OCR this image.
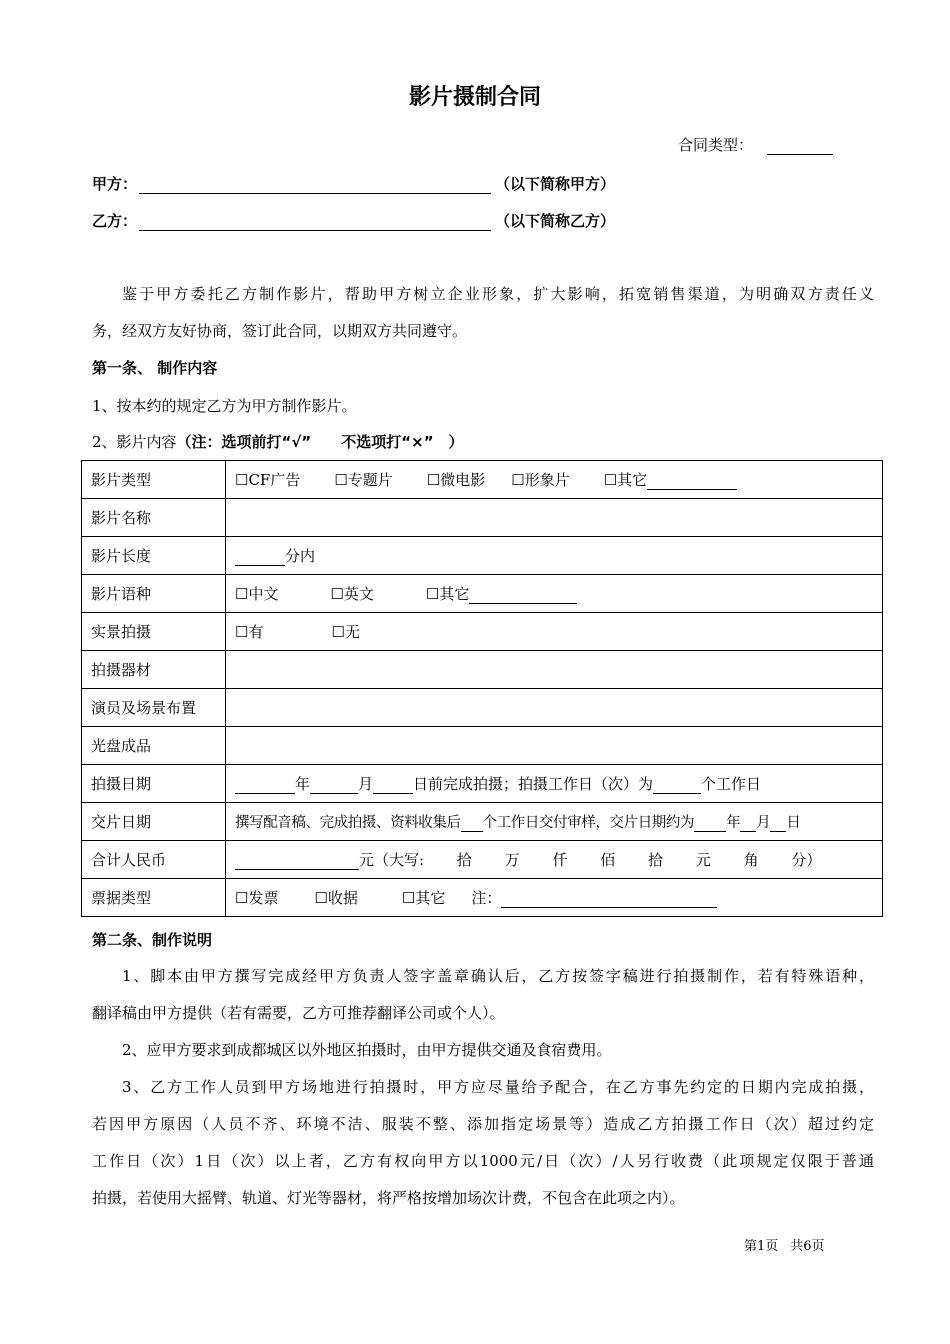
影片摄制合同
合同类型：
甲方：	（以下简称甲方）
乙方：	（以下简称乙方）
鉴于甲方委托乙方制作影片，帮助甲方树立企业形象，扩大影响，拓宽销售渠道，为明确双方责任义
务，经双方友好协商，签订此合同，以期双方共同遵守。
第一条、 制作内容
1、按本约的规定乙方为甲方制作影片。
2、影片内容（注：选项前打“√”　　不选项打“×”　）
影片类型	☐CF广告 ☐专题片 ☐微电影 ☐形象片 ☐其它
影片名称	
影片长度	分内
影片语种	☐中文 ☐英文 ☐其它
实景拍摄	☐有 ☐无
拍摄器材	
演员及场景布置	
光盘成品	
拍摄日期	年 月 日前完成拍摄；拍摄工作日（次）为 个工作日
交片日期	撰写配音稿、完成拍摄、资料收集后 个工作日交付审样，交片日期约为 年 月 日
合计人民币	元（大写: 拾 万 仟 佰 拾 元 角 分）
票据类型	☐发票 ☐收据 ☐其它 注：
第二条、制作说明
1、脚本由甲方撰写完成经甲方负责人签字盖章确认后，乙方按签字稿进行拍摄制作，若有特殊语种，
翻译稿由甲方提供（若有需要，乙方可推荐翻译公司或个人）。
2、应甲方要求到成都城区以外地区拍摄时，由甲方提供交通及食宿费用。
3、乙方工作人员到甲方场地进行拍摄时，甲方应尽量给予配合，在乙方事先约定的日期内完成拍摄，
若因甲方原因（人员不齐、环境不洁、服装不整、添加指定场景等）造成乙方拍摄工作日（次）超过约定
工作日（次）1日（次）以上者，乙方有权向甲方以1000元/日（次）/人另行收费（此项规定仅限于普通
拍摄，若使用大摇臂、轨道、灯光等器材，将严格按增加场次计费，不包含在此项之内）。
第1页 共6页
